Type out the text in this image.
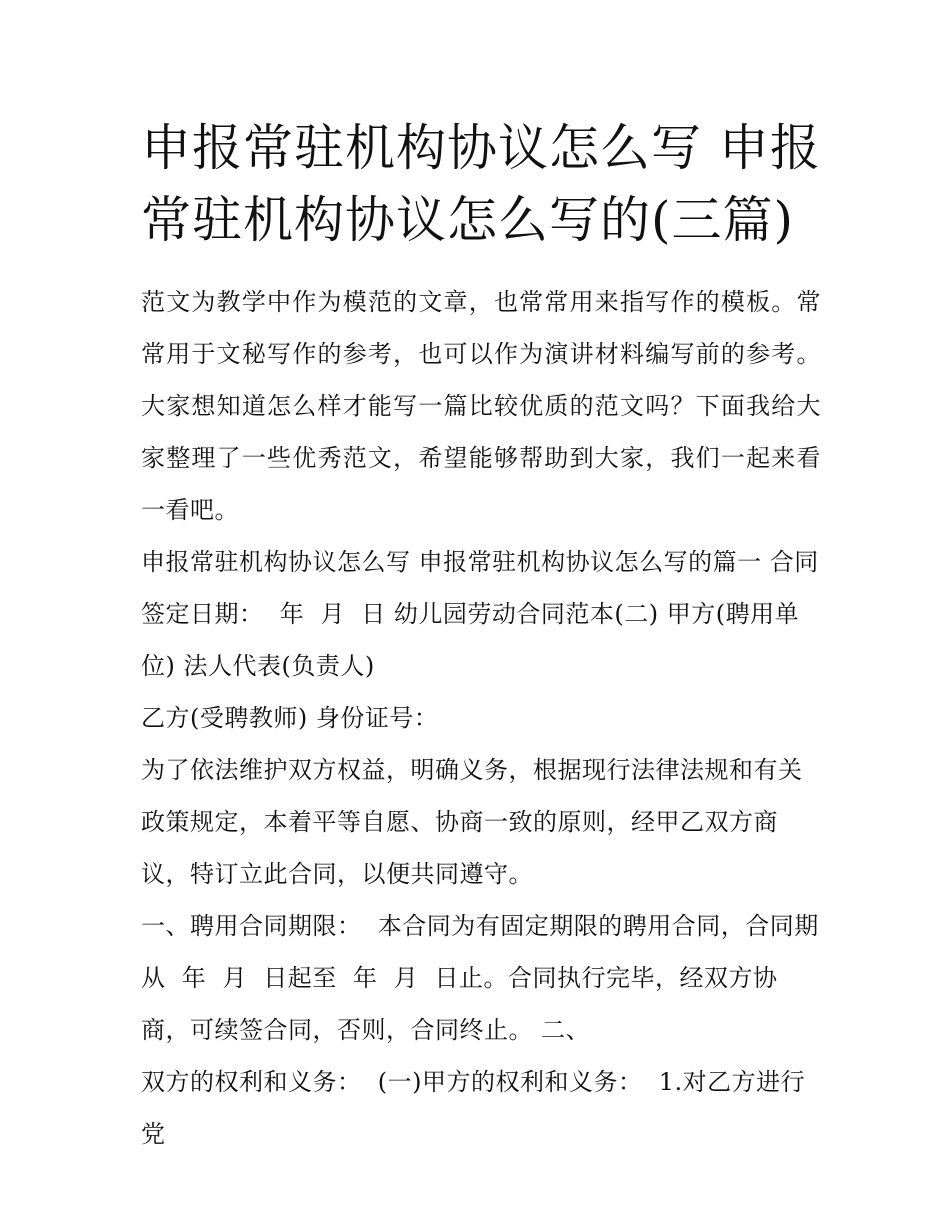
申报常驻机构协议怎么写 申报常驻机构协议怎么写的(三篇)

范文为教学中作为模范的文章，也常常用来指写作的模板。常常用于文秘写作的参考，也可以作为演讲材料编写前的参考。大家想知道怎么样才能写一篇比较优质的范文吗？下面我给大家整理了一些优秀范文，希望能够帮助到大家，我们一起来看一看吧。

申报常驻机构协议怎么写 申报常驻机构协议怎么写的篇一 合同签定日期：  年  月  日 幼儿园劳动合同范本(二) 甲方(聘用单位) 法人代表(负责人)

乙方(受聘教师) 身份证号：

为了依法维护双方权益，明确义务，根据现行法律法规和有关政策规定，本着平等自愿、协商一致的原则，经甲乙双方商议，特订立此合同，以便共同遵守。

一、聘用合同期限：  本合同为有固定期限的聘用合同，合同期从  年  月  日起至  年  月  日止。合同执行完毕，经双方协商，可续签合同，否则，合同终止。 二、

双方的权利和义务：  (一)甲方的权利和义务：  1.对乙方进行党
